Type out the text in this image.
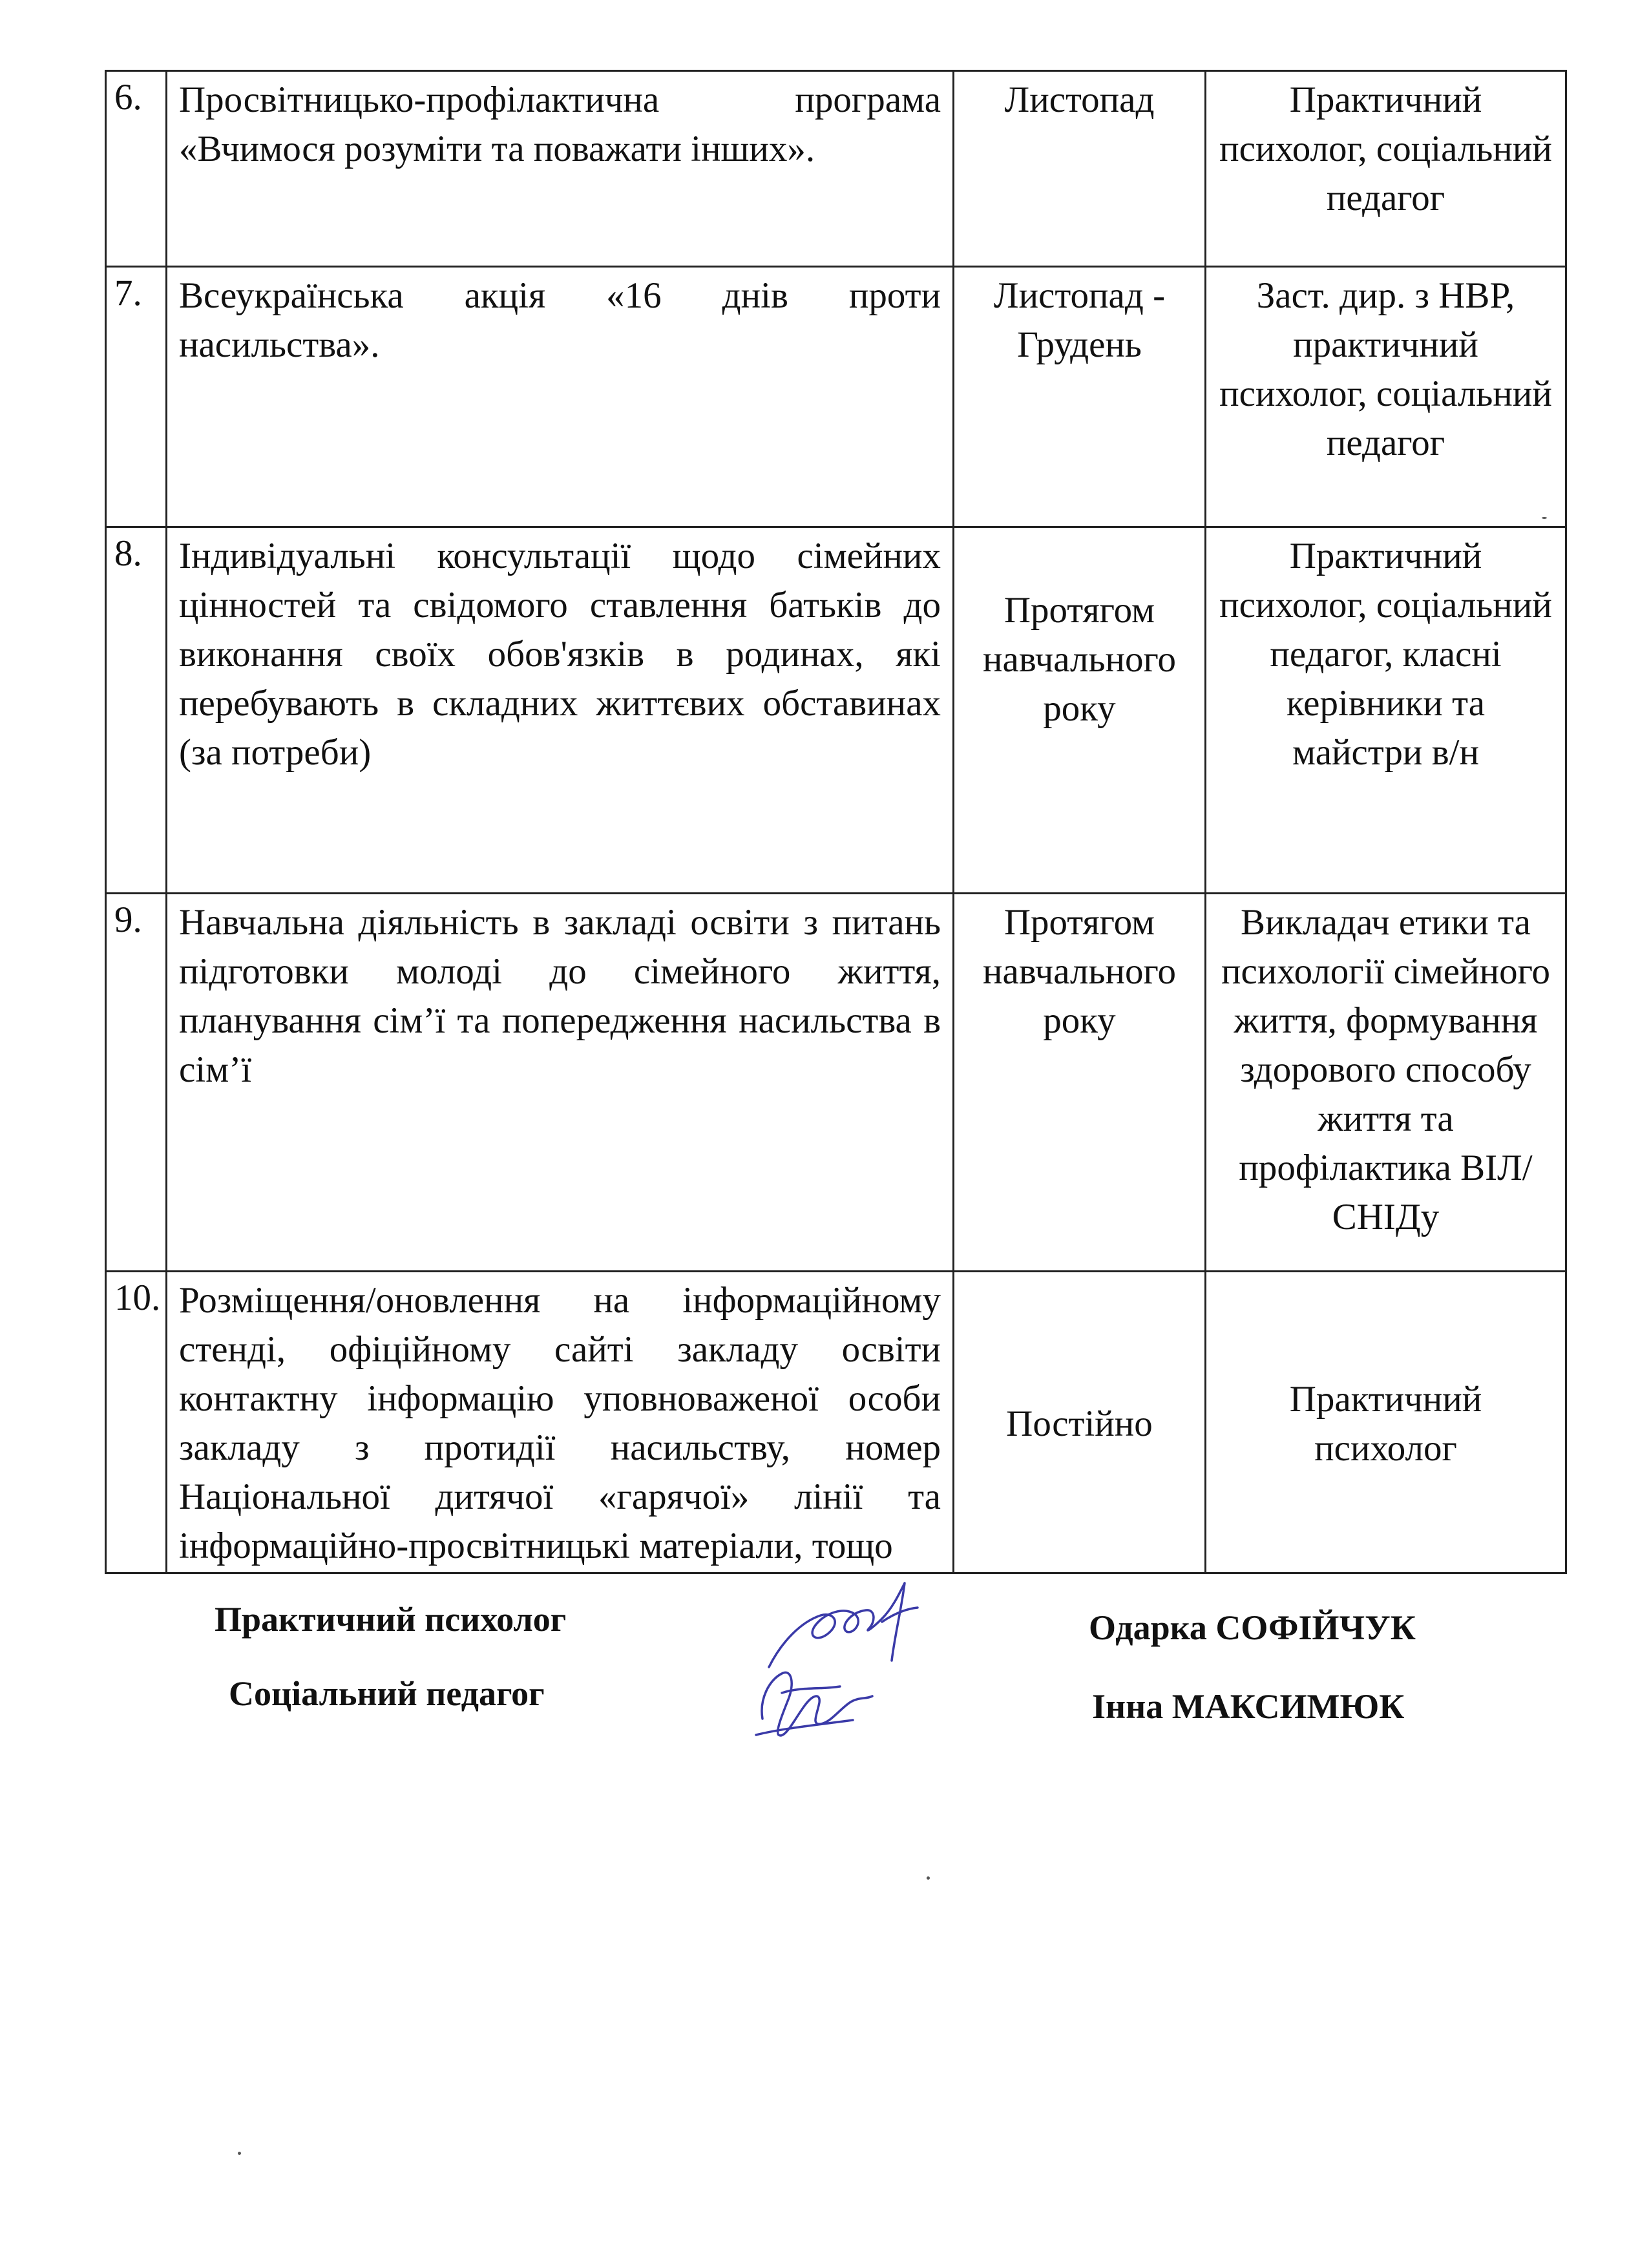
6.	Просвітницько-профілактична програма «Вчимося розуміти та поважати інших».	Листопад	Практичний психолог, соціальний педагог
7.	Всеукраїнська акція «16 днів проти насильства».	Листопад - Грудень	Заст. дир. з НВР, практичний психолог, соціальний педагог
8.	Індивідуальні консультації щодо сімейних цінностей та свідомого ставлення батьків до виконання своїх обов'язків в родинах, які перебувають в складних життєвих обставинах (за потреби)	Протягом навчального року	Практичний психолог, соціальний педагог, класні керівники та майстри в/н
9.	Навчальна діяльність в закладі освіти з питань підготовки молоді до сімейного життя, планування сім’ї та попередження насильства в сім’ї	Протягом навчального року	Викладач етики та психології сімейного життя, формування здорового способу життя та профілактика ВІЛ/СНІДу
10.	Розміщення/оновлення на інформаційному стенді, офіційному сайті закладу освіти контактну інформацію уповноваженої особи закладу з протидії насильству, номер Національної дитячої «гарячої» лінії та інформаційно-просвітницькі матеріали, тощо	Постійно	Практичний психолог
Практичний психолог
Соціальний педагог
Одарка СОФІЙЧУК
Інна МАКСИМЮК
